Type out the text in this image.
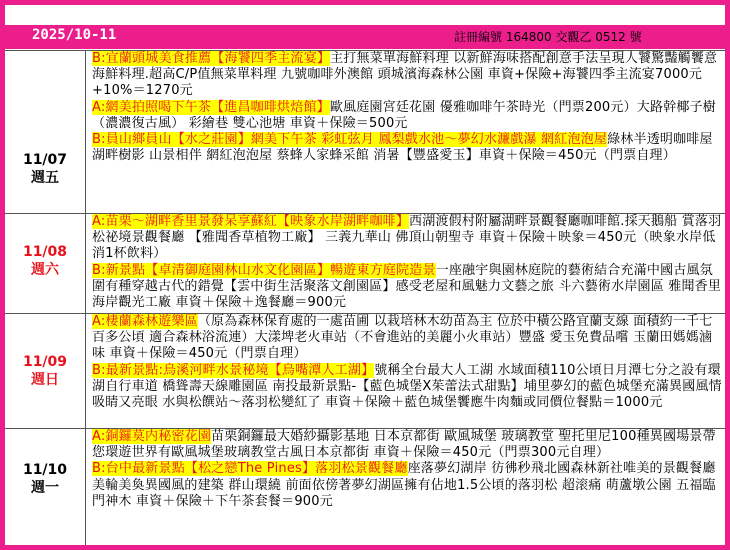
2025/10-11	註冊編號 164800 交觀乙 0512 號
11/07
週五
B:宜蘭頭城美食推薦【海饕四季主流宴】主打無菜單海鮮料理 以新鮮海味搭配創意手法呈現人饕驚豔觸饗意海鮮料理.超高C/P值無菜單料理 九號咖啡外澳館 頭城濱海森林公園 車資+保險+海饕四季主流宴7000元+10%＝1270元
A:網美拍照喝下午茶【進昌咖啡烘焙館】歐風庭園宮廷花園 優雅咖啡午茶時光（門票200元）大路幹椰子樹（濃濃復古風） 彩繪巷 雙心池塘 車資＋保險＝500元
B:員山鄉員山【水之莊園】網美下午茶 彩虹弦月 鳳梨戲水池～夢幻水濂戲瀑 網紅泡泡屋綠林半透明咖啡屋 湖畔樹影 山景相伴 網紅泡泡屋 蔡蜂人家蜂采館 消暑【豐盛愛玉】車資＋保險＝450元（門票自理）
11/08
週六
A:苗栗～湖畔香里景發呆享蘇紅【映象水岸湖畔咖啡】西湖渡假村附屬湖畔景觀餐廳咖啡館.採天鵝船 賞落羽松祕境景觀餐廳 【雅聞香草植物工廠】 三義九華山 佛頂山朝聖寺 車資＋保險＋映象＝450元（映象水岸低消1杯飲料）
B:新景點【卓清御庭園林山水文化園區】暢遊東方庭院造景一座融宇與園林庭院的藝術結合充滿中國古風氛圍有種穿越古代的錯覺【雲中街生活聚落文創園區】感受老屋和風魅力文藝之旅 斗六藝術水岸園區 雅聞香里海岸觀光工廠 車資＋保險＋逸餐廳＝900元
11/09
週日
A:棲蘭森林遊樂區（原為森林保育處的一處苗圃 以栽培林木幼苗為主 位於中橫公路宜蘭支線 面積約一千七百多公頃 適合森林浴流連）大漾埤老火車站（不會進站的美麗小火車站）豐盛 愛玉免費品嚐 玉蘭田媽媽滷味 車資＋保險＝450元（門票自理）
B:最新景點:烏溪河畔水景秘境【烏嘴潭人工湖】號稱全台最大人工湖 水域面積110公頃日月潭七分之設有環湖自行車道 橋聳壽天線雕園區 南投最新景點-【藍色城堡X茱蕾法式甜點】埔里夢幻的藍色城堡充滿異國風情吸睛又亮眼 水與松饌站～落羽松變紅了 車資＋保險＋藍色城堡饗應牛肉麵或同價位餐點＝1000元
11/10
週一
A:銅鑼莫内秘密花園苗栗銅鑼最大婚紗攝影基地 日本京都街 歐風城堡 玻璃教堂 聖托里尼100種異國場景帶您環遊世界有歐風城堡玻璃教堂古風日本京都街 車資＋保險＝450元（門票300元自理）
B:台中最新景點【松之戀The Pines】落羽松景觀餐廳座落夢幻湖岸 彷彿秒飛北國森林新社唯美的景觀餐廳美輪美奐異國風的建築 群山環繞 前面依傍著夢幻湖區擁有佔地1.5公頃的落羽松 超滚痛 萌蘆墩公園 五福臨門神木 車資＋保險＋下午茶套餐＝900元
